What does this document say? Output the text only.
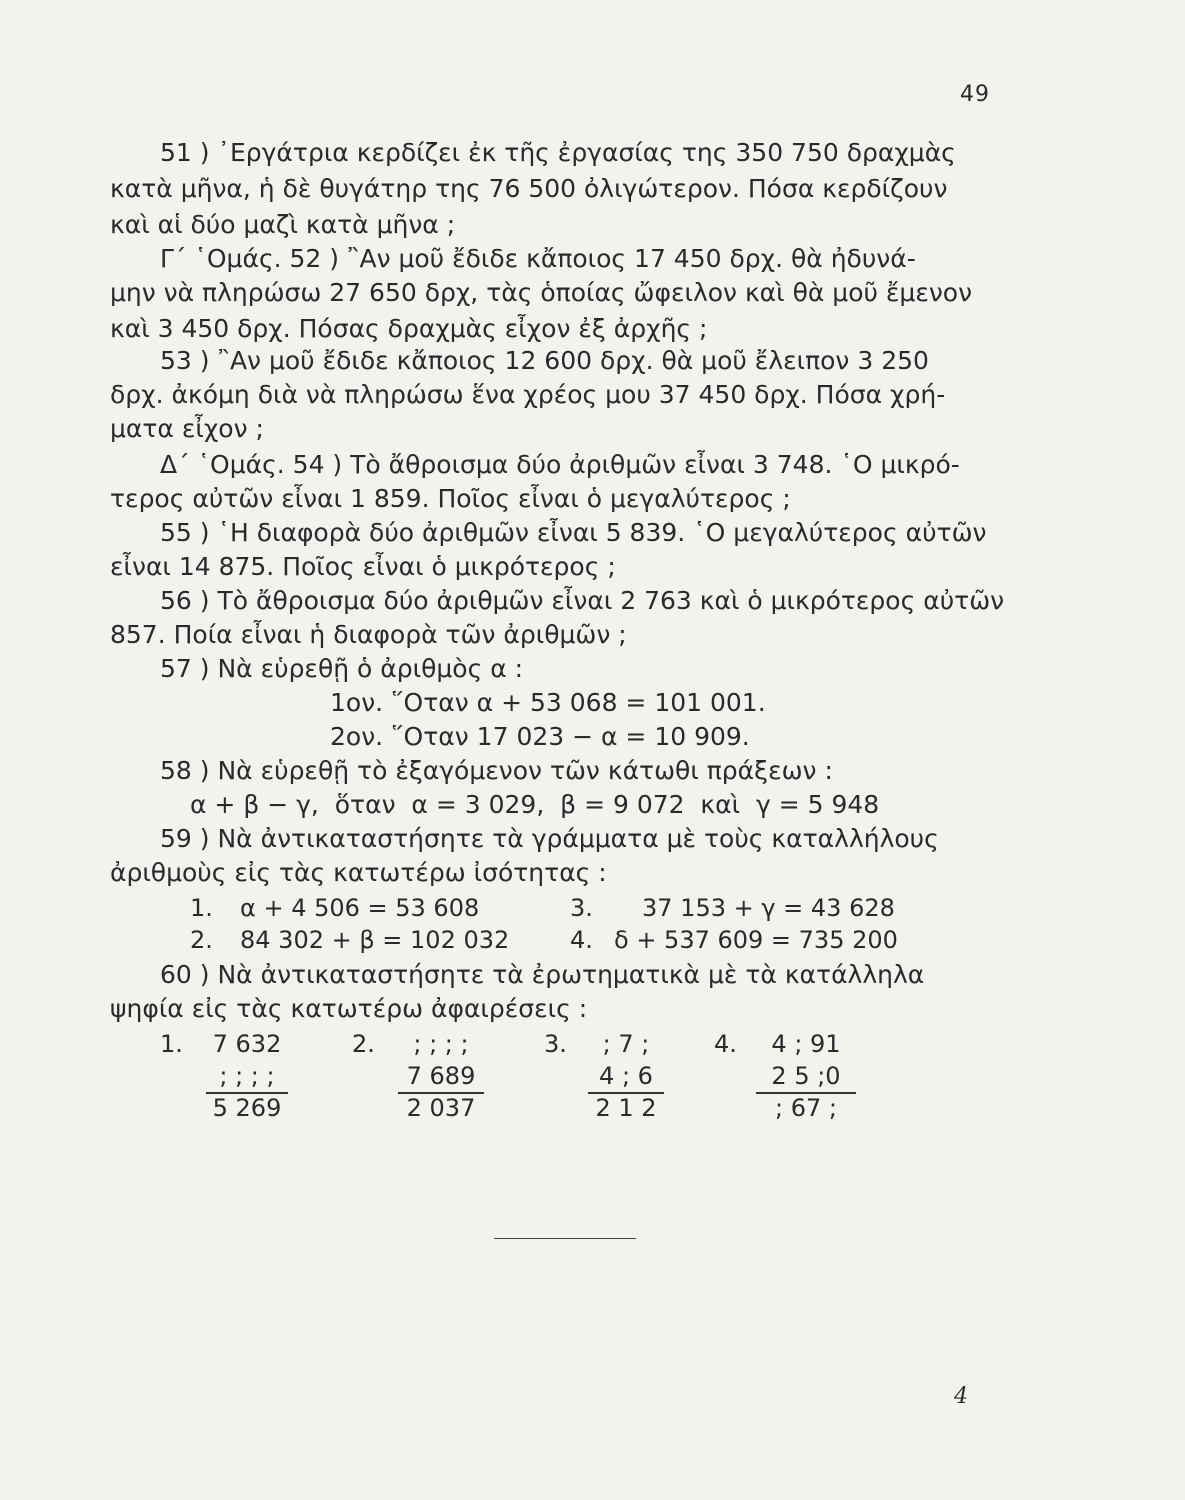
49
51 ) ᾿Εργάτρια κερδίζει ἐκ τῆς ἐργασίας της 350 750 δραχμὰς
κατὰ μῆνα, ἡ δὲ θυγάτηρ της 76 500 ὀλιγώτερον. Πόσα κερδίζουν
καὶ αἱ δύο μαζὶ κατὰ μῆνα ;
Γ΄ ῾Ομάς. 52 ) ῍Αν μοῦ ἔδιδε κἄποιος 17 450 δρχ. θὰ ἠδυνά-
μην νὰ πληρώσω 27 650 δρχ, τὰς ὁποίας ὤφειλον καὶ θὰ μοῦ ἔμενον
καὶ 3 450 δρχ. Πόσας δραχμὰς εἶχον ἐξ ἀρχῆς ;
53 ) ῍Αν μοῦ ἔδιδε κἄποιος 12 600 δρχ. θὰ μοῦ ἔλειπον 3 250
δρχ. ἀκόμη διὰ νὰ πληρώσω ἕνα χρέος μου 37 450 δρχ. Πόσα χρή-
ματα εἶχον ;
Δ΄ ῾Ομάς. 54 ) Τὸ ἄθροισμα δύο ἀριθμῶν εἶναι 3 748. ῾Ο μικρό-
τερος αὐτῶν εἶναι 1 859. Ποῖος εἶναι ὁ μεγαλύτερος ;
55 ) ῾Η διαφορὰ δύο ἀριθμῶν εἶναι 5 839. ῾Ο μεγαλύτερος αὐτῶν
εἶναι 14 875. Ποῖος εἶναι ὁ μικρότερος ;
56 ) Τὸ ἄθροισμα δύο ἀριθμῶν εἶναι 2 763 καὶ ὁ μικρότερος αὐτῶν
857. Ποία εἶναι ἡ διαφορὰ τῶν ἀριθμῶν ;
57 ) Νὰ εὑρεθῇ ὁ ἀριθμὸς α :
1ον. ῞Οταν α + 53 068 = 101 001.
2ον. ῞Οταν 17 023 − α = 10 909.
58 ) Νὰ εὑρεθῇ τὸ ἐξαγόμενον τῶν κάτωθι πράξεων :
α + β − γ,  ὅταν  α = 3 029,  β = 9 072  καὶ  γ = 5 948
59 ) Νὰ ἀντικαταστήσητε τὰ γράμματα μὲ τοὺς καταλλήλους
ἀριθμοὺς εἰς τὰς κατωτέρω ἰσότητας :
1. α + 4 506 = 53 608	3. 37 153 + γ = 43 628
2. 84 302 + β = 102 032	4. δ + 537 609 = 735 200
60 ) Νὰ ἀντικαταστήσητε τὰ ἐρωτηματικὰ μὲ τὰ κατάλληλα
ψηφία εἰς τὰς κατωτέρω ἀφαιρέσεις :
1. 7 632
; ; ; ;
5 269
2.	; ; ; ;
7 689
2 037
3.	; 7 ;
4 ; 6
2 1 2
4.	4 ; 91
2 5 ;0
; 67 ;
4
